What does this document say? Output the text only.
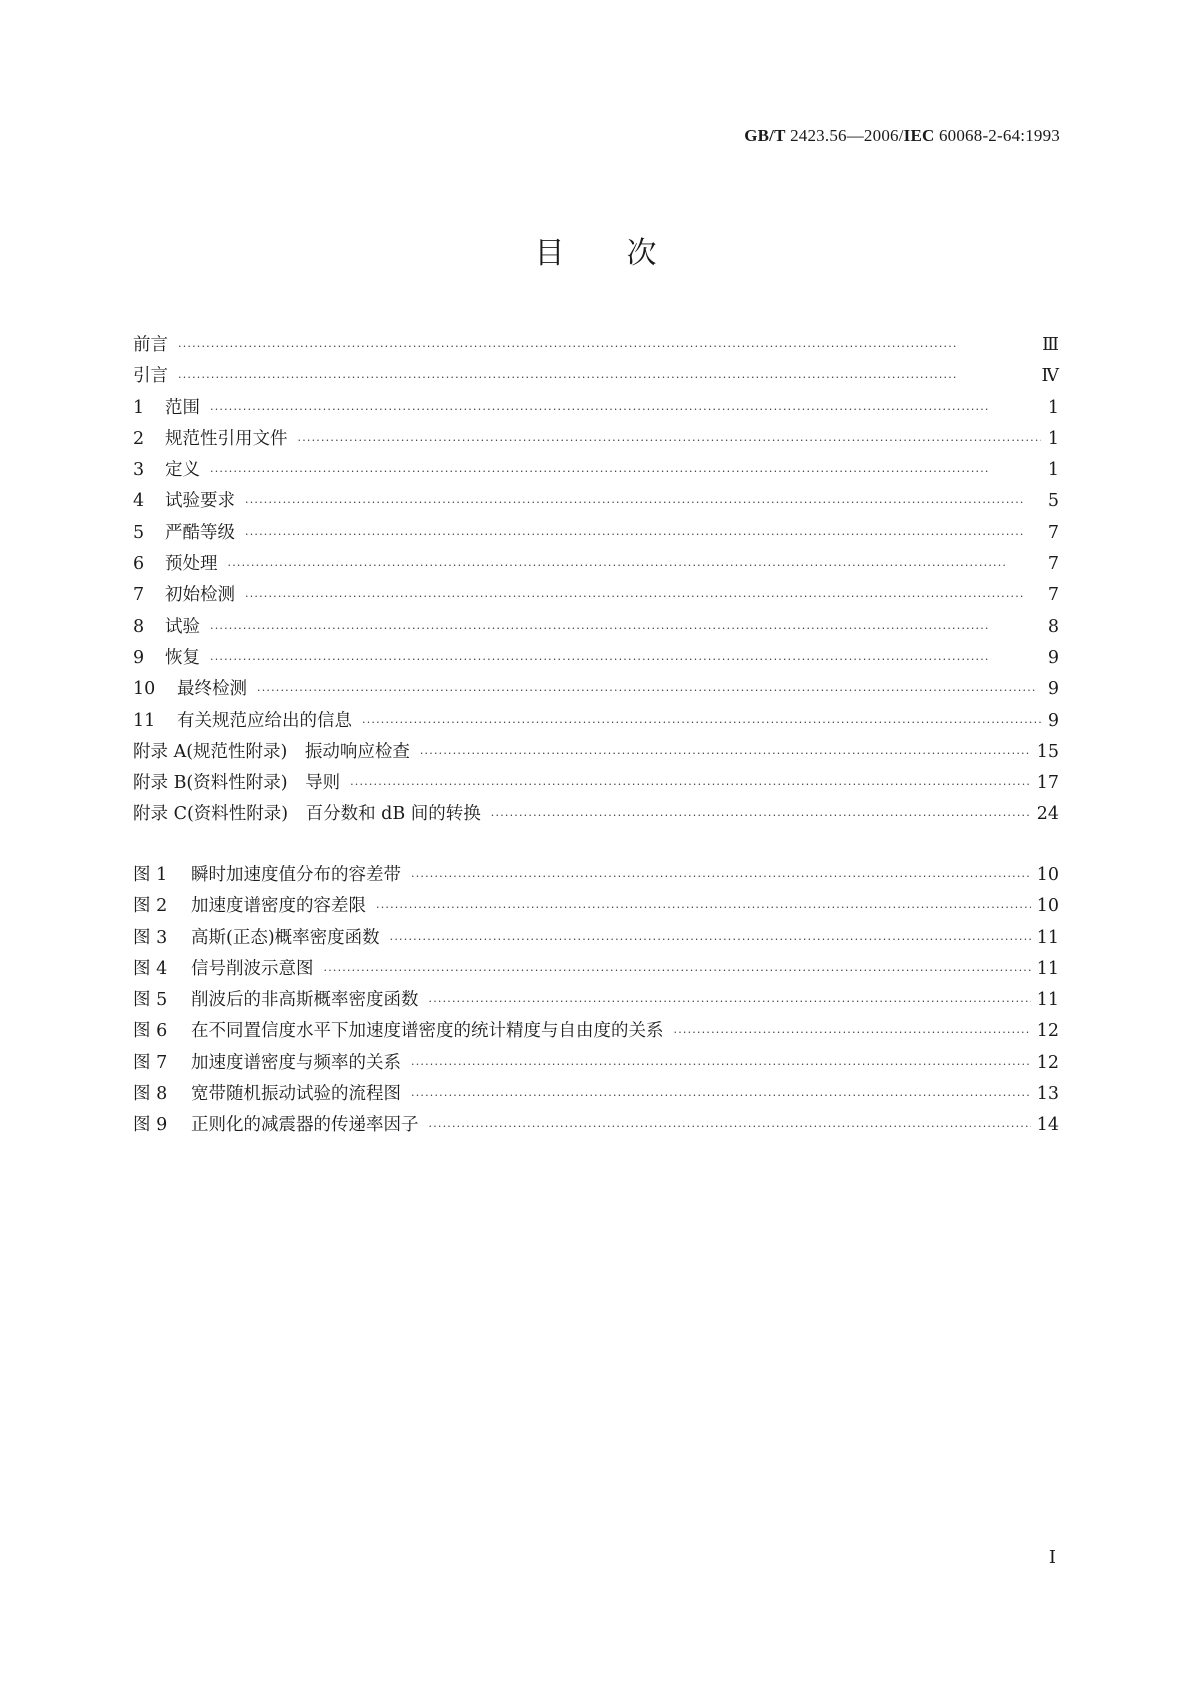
GB/T 2423.56—2006/IEC 60068-2-64:1993
目次
前言 ·····	Ⅲ
引言 ·····	Ⅳ
1	范围 ·····	1
2	规范性引用文件 ·····	1
3	定义 ·····	1
4	试验要求 ·····	5
5	严酷等级 ·····	7
6	预处理 ·····	7
7	初始检测 ·····	7
8	试验 ·····	8
9	恢复 ·····	9
10	最终检测 ·····	9
11	有关规范应给出的信息 ·····	9
附录 A(规范性附录)　振动响应检查 ·····	15
附录 B(资料性附录)　导则 ·····	17
附录 C(资料性附录)　百分数和 dB 间的转换 ·····	24
图 1	瞬时加速度值分布的容差带 ·····	10
图 2	加速度谱密度的容差限 ·····	10
图 3	高斯(正态)概率密度函数 ·····	11
图 4	信号削波示意图 ·····	11
图 5	削波后的非高斯概率密度函数 ·····	11
图 6	在不同置信度水平下加速度谱密度的统计精度与自由度的关系 ·····	12
图 7	加速度谱密度与频率的关系 ·····	12
图 8	宽带随机振动试验的流程图 ·····	13
图 9	正则化的减震器的传递率因子 ·····	14
I
